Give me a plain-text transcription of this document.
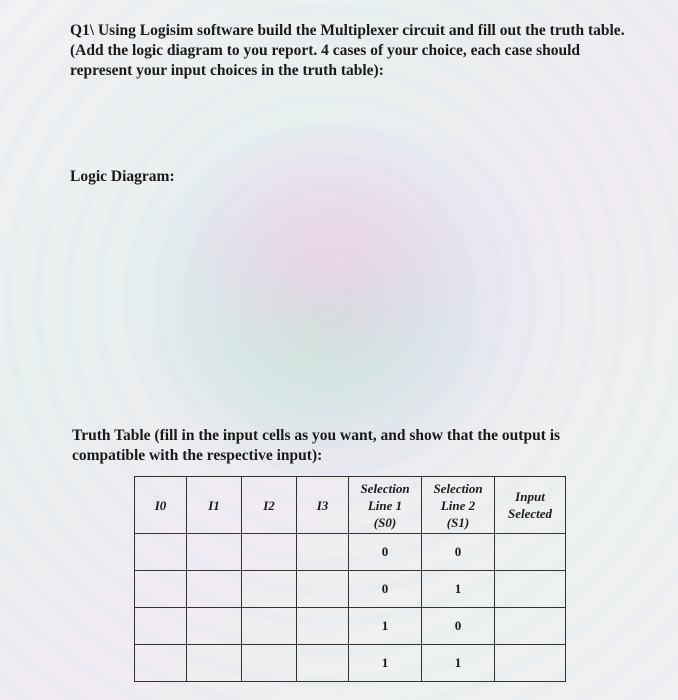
Q1\ Using Logisim software build the Multiplexer circuit and fill out the truth table. (Add the logic diagram to you report. 4 cases of your choice, each case should represent your input choices in the truth table):
Logic Diagram:
Truth Table (fill in the input cells as you want, and show that the output is compatible with the respective input):
I0	I1	I2	I3	Selection
Line 1
(S0)	Selection
Line 2
(S1)	Input
Selected

				0	0	
				0	1	
				1	0	
				1	1	
